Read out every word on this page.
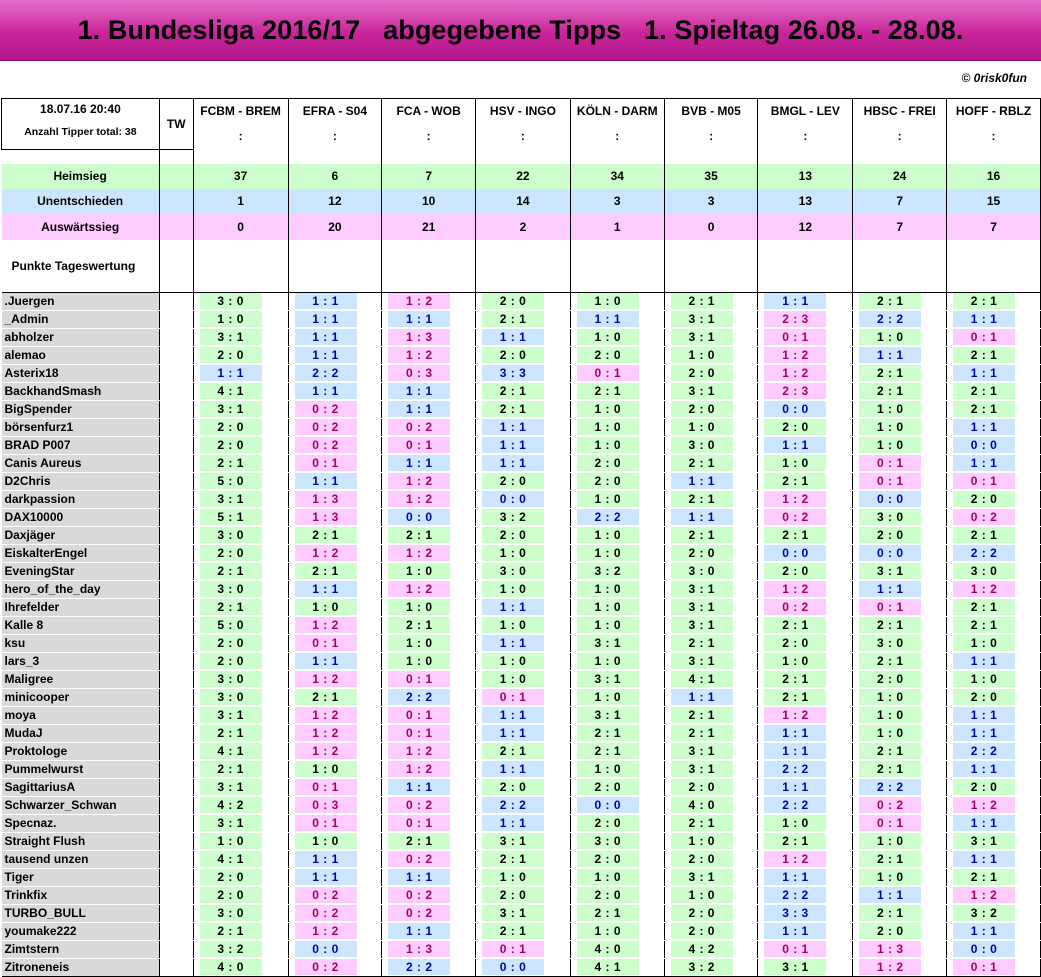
1. Bundesliga 2016/17   abgegebene Tipps   1. Spieltag 26.08. - 28.08.
© 0risk0fun
18.07.16 20:40
Anzahl Tipper total: 38	TW	FCBM - BREM	EFRA - S04	FCA - WOB	HSV - INGO	KÖLN - DARM	BVB - M05	BMGL - LEV	HBSC - FREI	HOFF - RBLZ
		:	:	:	:	:	:	:	:	:

Heimsieg		37	6	7	22	34	35	13	24	16
Unentschieden		1	12	10	14	3	3	13	7	15
Auswärtssieg		0	20	21	2	1	0	12	7	7
Punkte Tageswertung										
.Juergen		3 : 0	1 : 1	1 : 2	2 : 0	1 : 0	2 : 1	1 : 1	2 : 1	2 : 1

_Admin		1 : 0	1 : 1	1 : 1	2 : 1	1 : 1	3 : 1	2 : 3	2 : 2	1 : 1

abholzer		3 : 1	1 : 1	1 : 3	1 : 1	1 : 0	3 : 1	0 : 1	1 : 0	0 : 1

alemao		2 : 0	1 : 1	1 : 2	2 : 0	2 : 0	1 : 0	1 : 2	1 : 1	2 : 1

Asterix18		1 : 1	2 : 2	0 : 3	3 : 3	0 : 1	2 : 0	1 : 2	2 : 1	1 : 1

BackhandSmash		4 : 1	1 : 1	1 : 1	2 : 1	2 : 1	3 : 1	2 : 3	2 : 1	2 : 1

BigSpender		3 : 1	0 : 2	1 : 1	2 : 1	1 : 0	2 : 0	0 : 0	1 : 0	2 : 1

börsenfurz1		2 : 0	0 : 2	0 : 2	1 : 1	1 : 0	1 : 0	2 : 0	1 : 0	1 : 1

BRAD P007		2 : 0	0 : 2	0 : 1	1 : 1	1 : 0	3 : 0	1 : 1	1 : 0	0 : 0

Canis Aureus		2 : 1	0 : 1	1 : 1	1 : 1	2 : 0	2 : 1	1 : 0	0 : 1	1 : 1

D2Chris		5 : 0	1 : 1	1 : 2	2 : 0	2 : 0	1 : 1	2 : 1	0 : 1	0 : 1

darkpassion		3 : 1	1 : 3	1 : 2	0 : 0	1 : 0	2 : 1	1 : 2	0 : 0	2 : 0

DAX10000		5 : 1	1 : 3	0 : 0	3 : 2	2 : 2	1 : 1	0 : 2	3 : 0	0 : 2

Daxjäger		3 : 0	2 : 1	2 : 1	2 : 0	1 : 0	2 : 1	2 : 1	2 : 0	2 : 1

EiskalterEngel		2 : 0	1 : 2	1 : 2	1 : 0	1 : 0	2 : 0	0 : 0	0 : 0	2 : 2

EveningStar		2 : 1	2 : 1	1 : 0	3 : 0	3 : 2	3 : 0	2 : 0	3 : 1	3 : 0

hero_of_the_day		3 : 0	1 : 1	1 : 2	1 : 0	1 : 0	3 : 1	1 : 2	1 : 1	1 : 2

Ihrefelder		2 : 1	1 : 0	1 : 0	1 : 1	1 : 0	3 : 1	0 : 2	0 : 1	2 : 1

Kalle 8		5 : 0	1 : 2	2 : 1	1 : 0	1 : 0	3 : 1	2 : 1	2 : 1	2 : 1

ksu		2 : 0	0 : 1	1 : 0	1 : 1	3 : 1	2 : 1	2 : 0	3 : 0	1 : 0

lars_3		2 : 0	1 : 1	1 : 0	1 : 0	1 : 0	3 : 1	1 : 0	2 : 1	1 : 1

Maligree		3 : 0	1 : 2	0 : 1	1 : 0	3 : 1	4 : 1	2 : 1	2 : 0	1 : 0

minicooper		3 : 0	2 : 1	2 : 2	0 : 1	1 : 0	1 : 1	2 : 1	1 : 0	2 : 0

moya		3 : 1	1 : 2	0 : 1	1 : 1	3 : 1	2 : 1	1 : 2	1 : 0	1 : 1

MudaJ		2 : 1	1 : 2	0 : 1	1 : 1	2 : 1	2 : 1	1 : 1	1 : 0	1 : 1

Proktologe		4 : 1	1 : 2	1 : 2	2 : 1	2 : 1	3 : 1	1 : 1	2 : 1	2 : 2

Pummelwurst		2 : 1	1 : 0	1 : 2	1 : 1	1 : 0	3 : 1	2 : 2	2 : 1	1 : 1

SagittariusA		3 : 1	0 : 1	1 : 1	2 : 0	2 : 0	2 : 0	1 : 1	2 : 2	2 : 0

Schwarzer_Schwan		4 : 2	0 : 3	0 : 2	2 : 2	0 : 0	4 : 0	2 : 2	0 : 2	1 : 2

Specnaz.		3 : 1	0 : 1	0 : 1	1 : 1	2 : 0	2 : 1	1 : 0	0 : 1	1 : 1

Straight Flush		1 : 0	1 : 0	2 : 1	3 : 1	3 : 0	1 : 0	2 : 1	1 : 0	3 : 1

tausend unzen		4 : 1	1 : 1	0 : 2	2 : 1	2 : 0	2 : 0	1 : 2	2 : 1	1 : 1

Tiger		2 : 0	1 : 1	1 : 1	1 : 0	1 : 0	3 : 1	1 : 1	1 : 0	2 : 1

Trinkfix		2 : 0	0 : 2	0 : 2	2 : 0	2 : 0	1 : 0	2 : 2	1 : 1	1 : 2

TURBO_BULL		3 : 0	0 : 2	0 : 2	3 : 1	2 : 1	2 : 0	3 : 3	2 : 1	3 : 2

youmake222		2 : 1	1 : 2	1 : 1	2 : 1	1 : 0	2 : 0	1 : 1	2 : 0	1 : 1

Zimtstern		3 : 2	0 : 0	1 : 3	0 : 1	4 : 0	4 : 2	0 : 1	1 : 3	0 : 0

Zitroneneis		4 : 0	0 : 2	2 : 2	0 : 0	4 : 1	3 : 2	3 : 1	1 : 2	0 : 1
